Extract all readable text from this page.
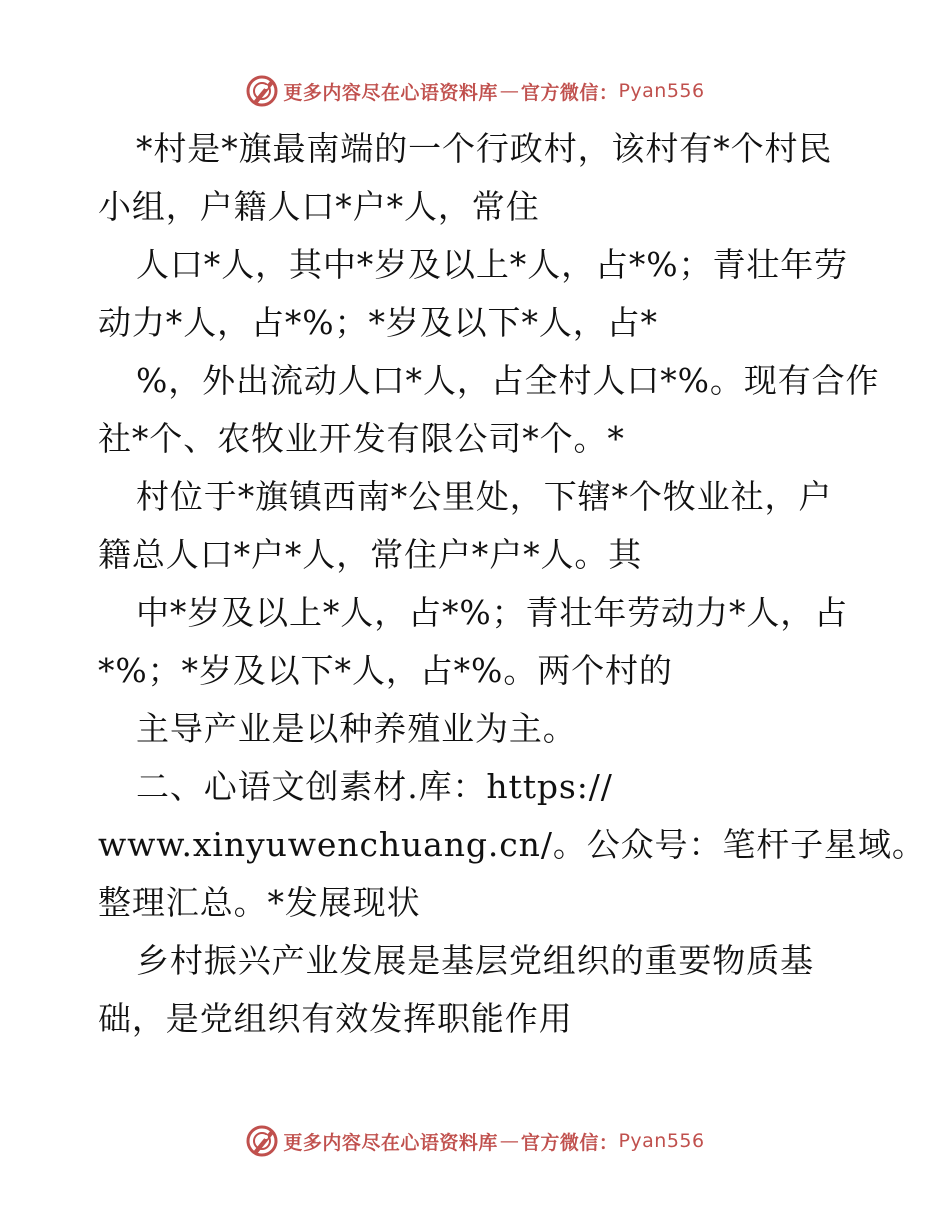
更多内容尽在心语资料库 — 官方微信： Pyan556
*村是*旗最南端的一个行政村，该村有*个村民
小组，户籍人口*户*人，常住
人口*人，其中*岁及以上*人，占*%；青壮年劳
动力*人，占*%；*岁及以下*人，占*
%，外出流动人口*人，占全村人口*%。现有合作
社*个、农牧业开发有限公司*个。*
村位于*旗镇西南*公里处，下辖*个牧业社，户
籍总人口*户*人，常住户*户*人。其
中*岁及以上*人，占*%；青壮年劳动力*人，占
*%；*岁及以下*人，占*%。两个村的
主导产业是以种养殖业为主。
二、心语文创素材.库：https://
www.xinyuwenchuang.cn/。公众号：笔杆子星域。
整理汇总。*发展现状
乡村振兴产业发展是基层党组织的重要物质基
础，是党组织有效发挥职能作用
更多内容尽在心语资料库 — 官方微信： Pyan556
